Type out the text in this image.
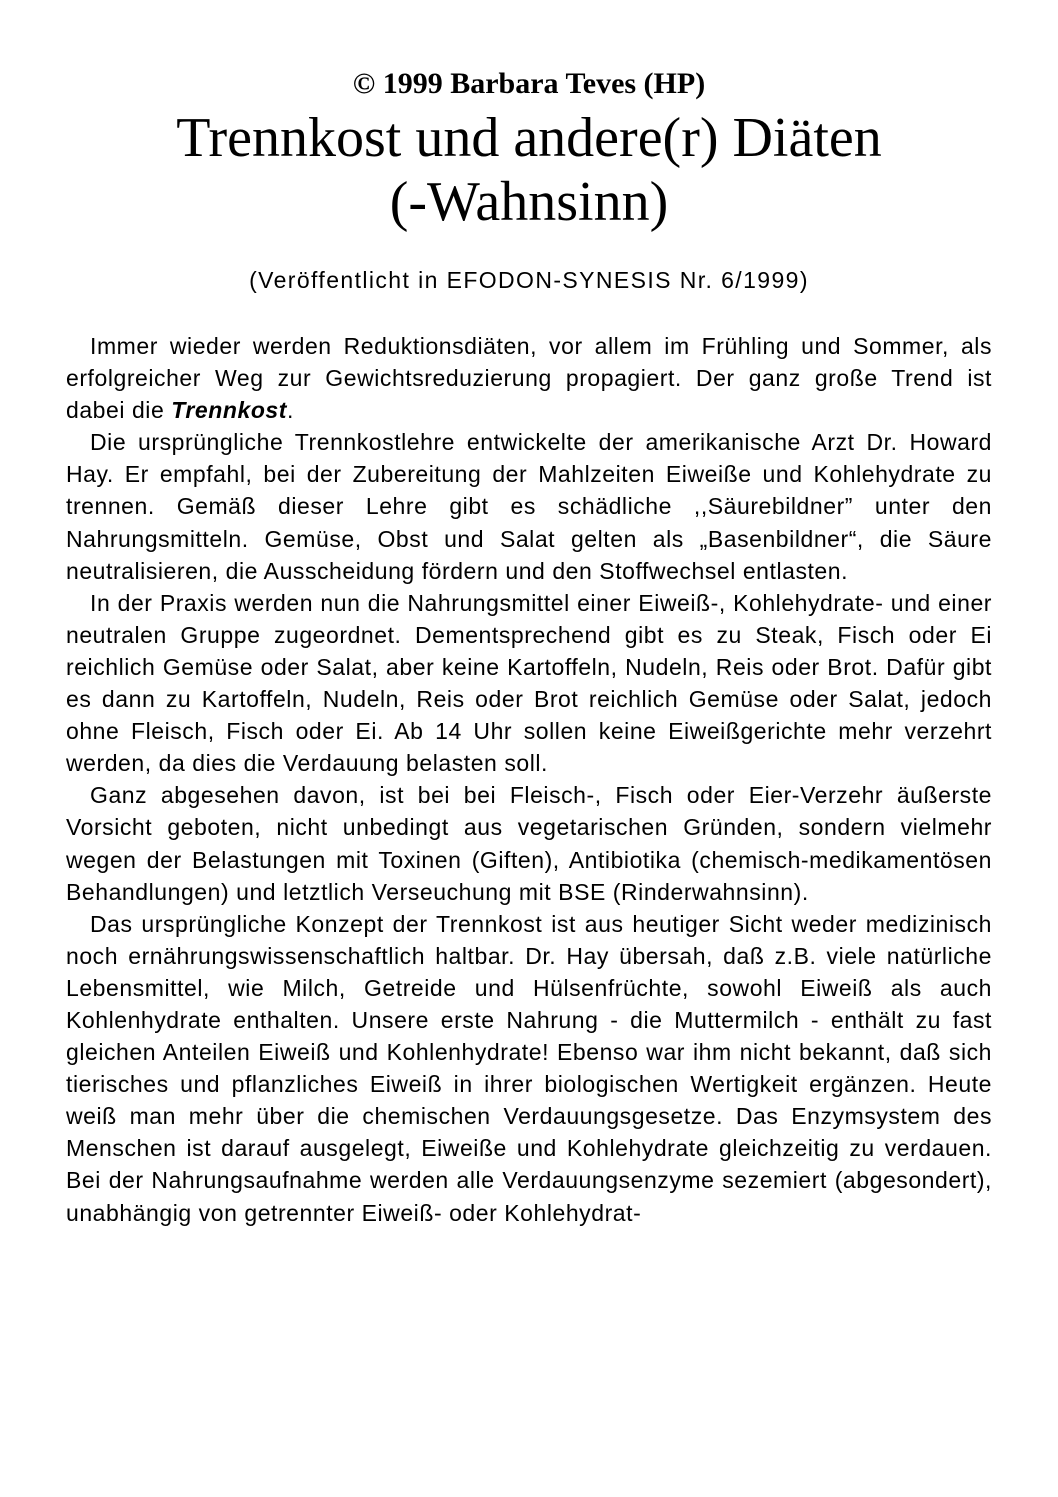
© 1999 Barbara Teves (HP)
Trennkost und andere(r) Diäten
(-Wahnsinn)
(Veröffentlicht in EFODON-SYNESIS Nr. 6/1999)

Immer wieder werden Reduktionsdiäten, vor allem im Frühling und Sommer, als erfolgreicher Weg zur Gewichtsreduzierung propagiert. Der ganz große Trend ist dabei die Trennkost.

Die ursprüngliche Trennkostlehre entwickelte der amerikanische Arzt Dr. Howard Hay. Er empfahl, bei der Zubereitung der Mahlzeiten Eiweiße und Kohlehydrate zu trennen. Gemäß dieser Lehre gibt es schädliche ,,Säurebildner” unter den Nahrungsmitteln. Gemüse, Obst und Salat gelten als „Basenbildner“, die Säure neutralisieren, die Ausscheidung fördern und den Stoffwechsel entlasten.

In der Praxis werden nun die Nahrungsmittel einer Eiweiß-, Kohlehydrate- und einer neutralen Gruppe zugeordnet. Dementsprechend gibt es zu Steak, Fisch oder Ei reichlich Gemüse oder Salat, aber keine Kartoffeln, Nudeln, Reis oder Brot. Dafür gibt es dann zu Kartoffeln, Nudeln, Reis oder Brot reichlich Gemüse oder Salat, jedoch ohne Fleisch, Fisch oder Ei. Ab 14 Uhr sollen keine Eiweißgerichte mehr verzehrt werden, da dies die Verdauung belasten soll.

Ganz abgesehen davon, ist bei bei Fleisch-, Fisch oder Eier-Verzehr äußerste Vorsicht geboten, nicht unbedingt aus vegetarischen Gründen, sondern vielmehr wegen der Belastungen mit Toxinen (Giften), Antibiotika (chemisch-medikamentösen Behandlungen) und letztlich Verseuchung mit BSE (Rinderwahnsinn).

Das ursprüngliche Konzept der Trennkost ist aus heutiger Sicht weder medizinisch noch ernährungswissenschaftlich haltbar. Dr. Hay übersah, daß z.B. viele natürliche Lebensmittel, wie Milch, Getreide und Hülsenfrüchte, sowohl Eiweiß als auch Kohlenhydrate enthalten. Unsere erste Nahrung - die Muttermilch - enthält zu fast gleichen Anteilen Eiweiß und Kohlenhydrate! Ebenso war ihm nicht bekannt, daß sich tierisches und pflanzliches Eiweiß in ihrer biologischen Wertigkeit ergänzen. Heute weiß man mehr über die chemischen Verdauungsgesetze. Das Enzymsystem des Menschen ist darauf ausgelegt, Eiweiße und Kohlehydrate gleichzeitig zu verdauen. Bei der Nahrungsaufnahme werden alle Verdauungsenzyme sezemiert (abgesondert), unabhängig von getrennter Eiweiß- oder Kohlehydrat-
